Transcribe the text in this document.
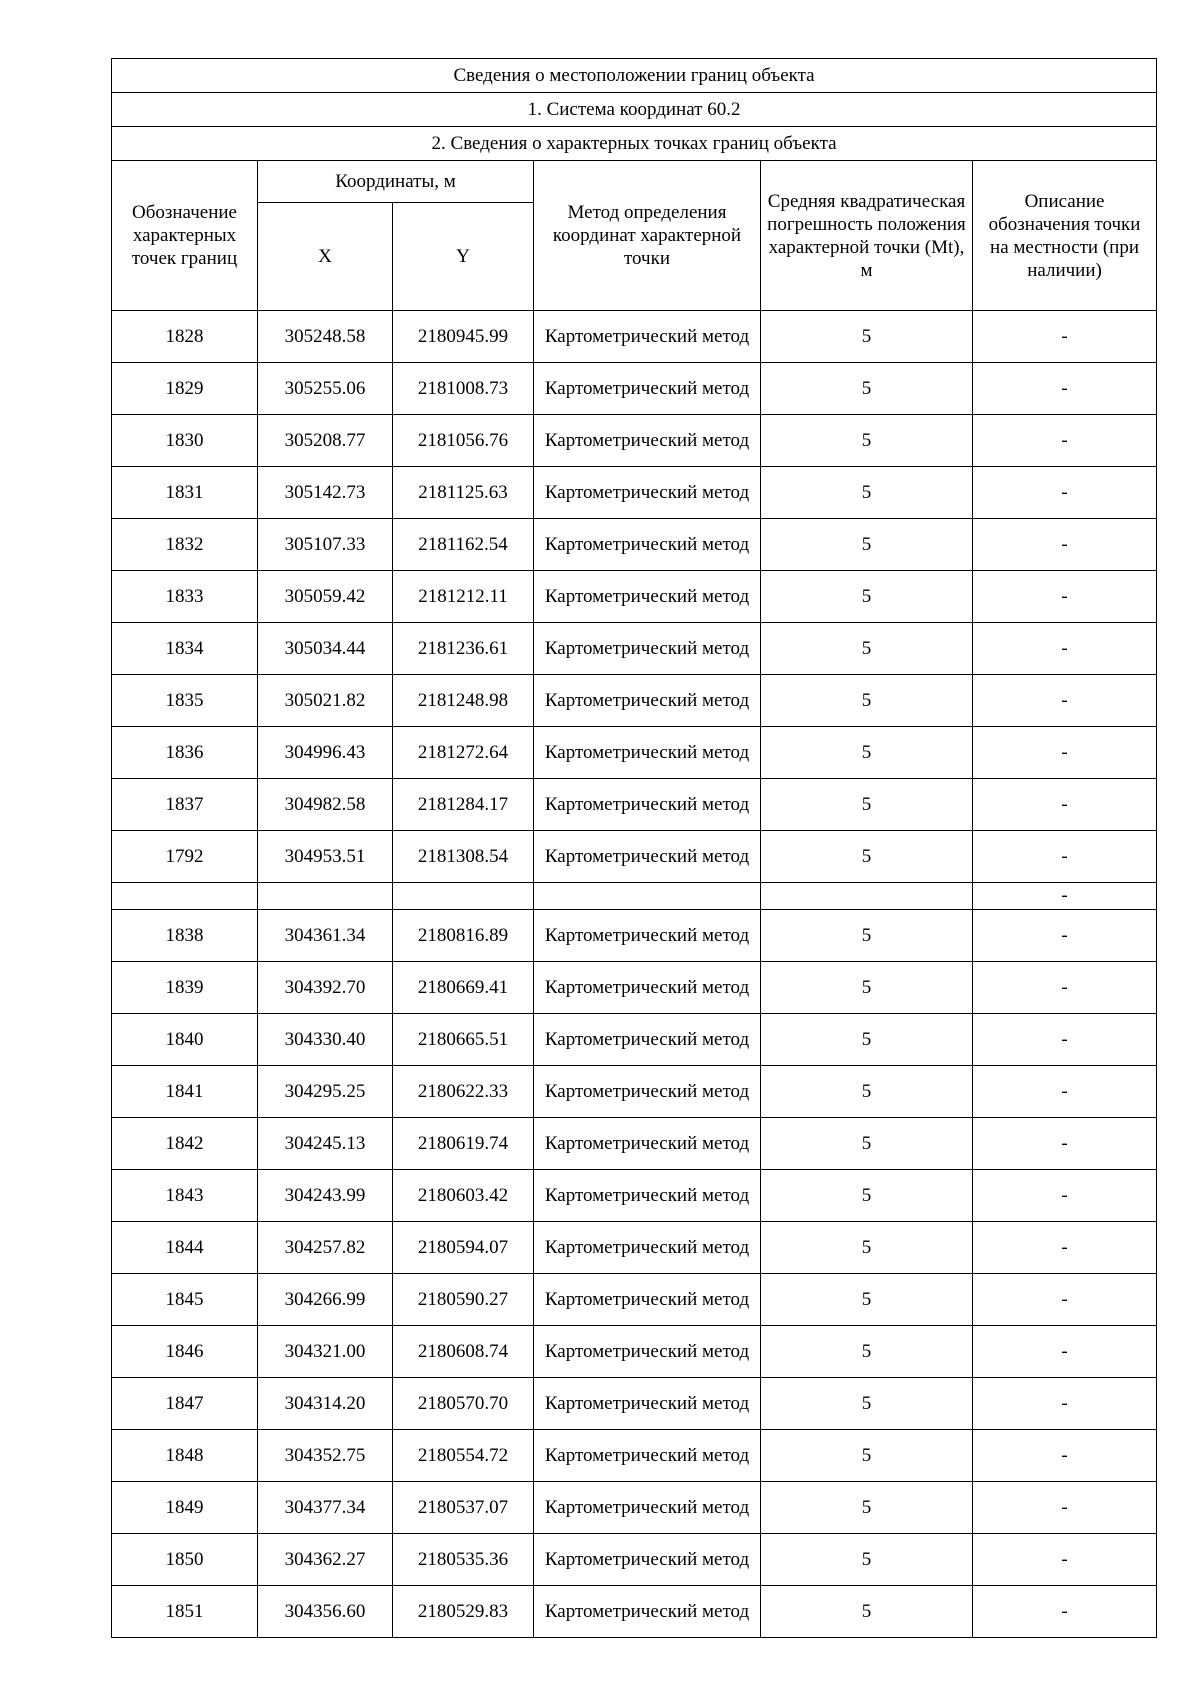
Сведения о местоположении границ объекта					
1. Система координат 60.2					
2. Сведения о характерных точках границ объекта					
Обозначение характерных точек границ	Координаты, м		Метод определения координат характерной точки	Средняя квадратическая погрешность положения характерной точки (Mt), м	Описание обозначения точки на местности (при наличии)
	X	Y			
1828	305248.58	2180945.99	Картометрический метод	5	-
1829	305255.06	2181008.73	Картометрический метод	5	-
1830	305208.77	2181056.76	Картометрический метод	5	-
1831	305142.73	2181125.63	Картометрический метод	5	-
1832	305107.33	2181162.54	Картометрический метод	5	-
1833	305059.42	2181212.11	Картометрический метод	5	-
1834	305034.44	2181236.61	Картометрический метод	5	-
1835	305021.82	2181248.98	Картометрический метод	5	-
1836	304996.43	2181272.64	Картометрический метод	5	-
1837	304982.58	2181284.17	Картометрический метод	5	-
1792	304953.51	2181308.54	Картометрический метод	5	-
					-
1838	304361.34	2180816.89	Картометрический метод	5	-
1839	304392.70	2180669.41	Картометрический метод	5	-
1840	304330.40	2180665.51	Картометрический метод	5	-
1841	304295.25	2180622.33	Картометрический метод	5	-
1842	304245.13	2180619.74	Картометрический метод	5	-
1843	304243.99	2180603.42	Картометрический метод	5	-
1844	304257.82	2180594.07	Картометрический метод	5	-
1845	304266.99	2180590.27	Картометрический метод	5	-
1846	304321.00	2180608.74	Картометрический метод	5	-
1847	304314.20	2180570.70	Картометрический метод	5	-
1848	304352.75	2180554.72	Картометрический метод	5	-
1849	304377.34	2180537.07	Картометрический метод	5	-
1850	304362.27	2180535.36	Картометрический метод	5	-
1851	304356.60	2180529.83	Картометрический метод	5	-
